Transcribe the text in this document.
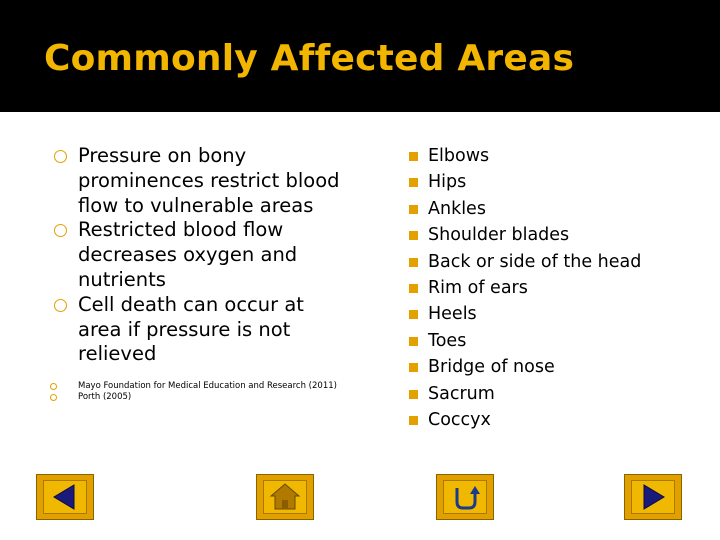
Commonly Affected Areas
Pressure on bony prominences restrict blood flow to vulnerable areas
Restricted blood flow decreases oxygen and nutrients
Cell death can occur at area if pressure is not relieved
Mayo Foundation for Medical Education and Research (2011)
Porth (2005)
Elbows
Hips
Ankles
Shoulder blades
Back or side of the head
Rim of ears
Heels
Toes
Bridge of nose
Sacrum
Coccyx
